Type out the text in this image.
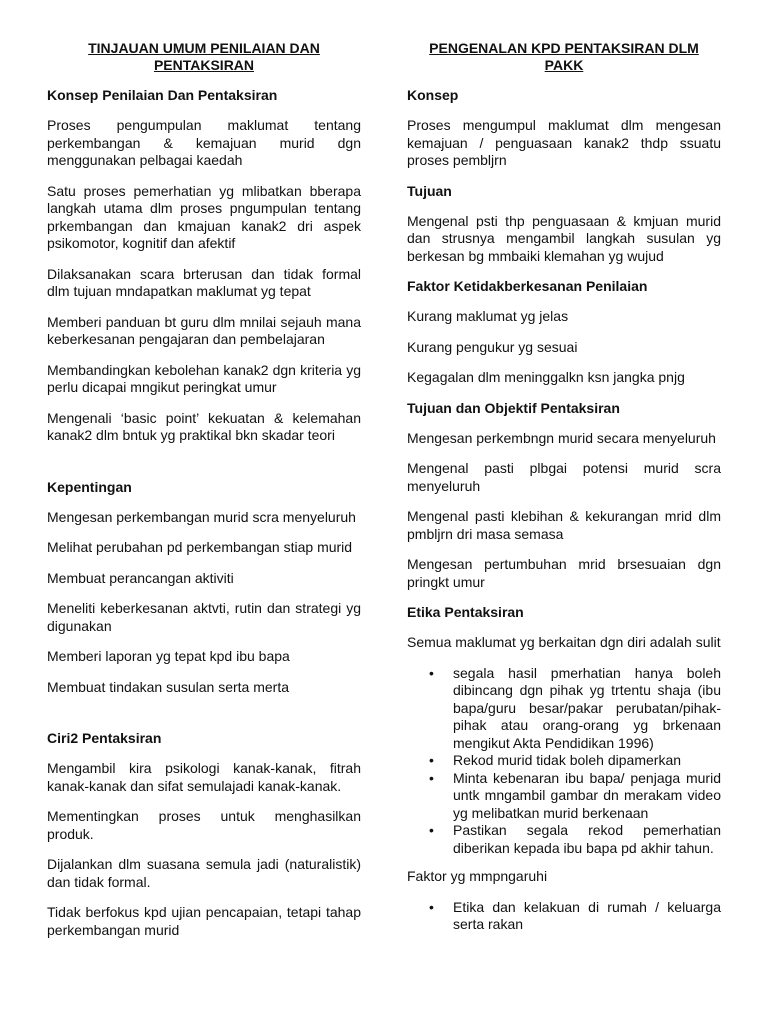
TINJAUAN UMUM PENILAIAN DAN
PENTAKSIRAN
Konsep Penilaian Dan Pentaksiran

Proses pengumpulan maklumat tentang perkembangan & kemajuan murid dgn menggunakan pelbagai kaedah

Satu proses pemerhatian yg mlibatkan bberapa langkah utama dlm proses pngumpulan tentang prkembangan dan kmajuan kanak2 dri aspek psikomotor, kognitif dan afektif

Dilaksanakan scara brterusan dan tidak formal dlm tujuan mndapatkan maklumat yg tepat

Memberi panduan bt guru dlm mnilai sejauh mana keberkesanan pengajaran dan pembelajaran

Membandingkan kebolehan kanak2 dgn kriteria yg perlu dicapai mngikut peringkat umur

Mengenali ‘basic point’ kekuatan & kelemahan kanak2 dlm bntuk yg praktikal bkn skadar teori

Kepentingan

Mengesan perkembangan murid scra menyeluruh

Melihat perubahan pd perkembangan stiap murid

Membuat perancangan aktiviti

Meneliti keberkesanan aktvti, rutin dan strategi yg digunakan

Memberi laporan yg tepat kpd ibu bapa

Membuat tindakan susulan serta merta

Ciri2 Pentaksiran

Mengambil kira psikologi kanak-kanak, fitrah kanak-kanak dan sifat semulajadi kanak-kanak.

Mementingkan proses untuk menghasilkan produk.

Dijalankan dlm suasana semula jadi (naturalistik) dan tidak formal.

Tidak berfokus kpd ujian pencapaian, tetapi tahap perkembangan murid

PENGENALAN KPD PENTAKSIRAN DLM
PAKK
Konsep

Proses mengumpul maklumat dlm mengesan kemajuan / penguasaan kanak2 thdp ssuatu proses pembljrn

Tujuan

Mengenal psti thp penguasaan & kmjuan murid dan strusnya mengambil langkah susulan yg berkesan bg mmbaiki klemahan yg wujud

Faktor Ketidakberkesanan Penilaian

Kurang maklumat yg jelas

Kurang pengukur yg sesuai

Kegagalan dlm meninggalkn ksn jangka pnjg

Tujuan dan Objektif Pentaksiran

Mengesan perkembngn murid secara menyeluruh

Mengenal pasti plbgai potensi murid scra menyeluruh

Mengenal pasti klebihan & kekurangan mrid dlm pmbljrn dri masa semasa

Mengesan pertumbuhan mrid brsesuaian dgn pringkt umur

Etika Pentaksiran

Semua maklumat yg berkaitan dgn diri adalah sulit

• segala hasil pmerhatian hanya boleh dibincang dgn pihak yg trtentu shaja (ibu bapa/guru besar/pakar perubatan/pihak-pihak atau orang-orang yg brkenaan mengikut Akta Pendidikan 1996)
• Rekod murid tidak boleh dipamerkan
• Minta kebenaran ibu bapa/ penjaga murid untk mngambil gambar dn merakam video yg melibatkan murid berkenaan
• Pastikan segala rekod pemerhatian diberikan kepada ibu bapa pd akhir tahun.

Faktor yg mmpngaruhi

• Etika dan kelakuan di rumah / keluarga serta rakan
